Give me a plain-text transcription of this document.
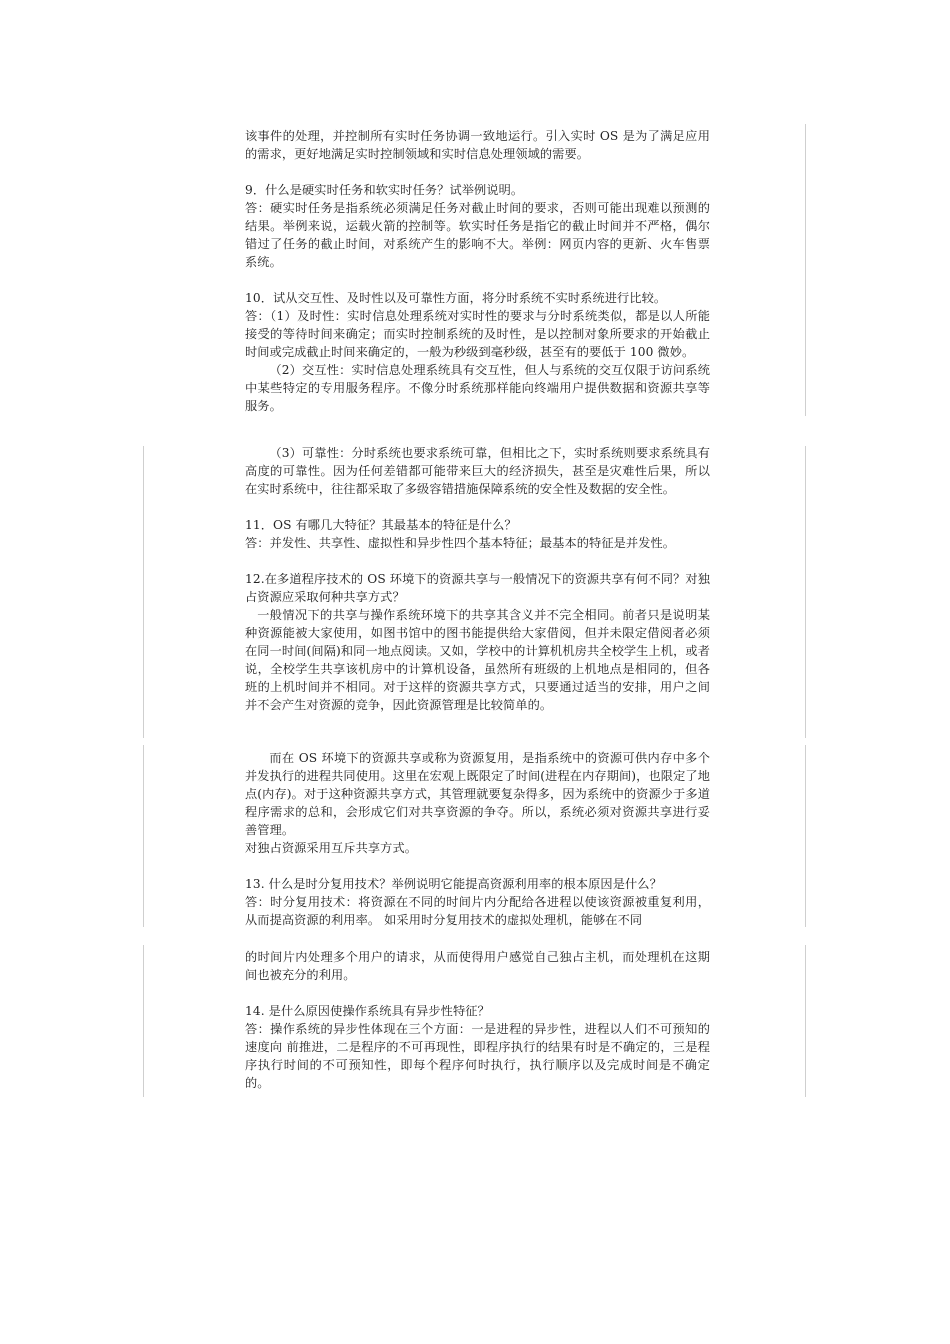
该事件的处理，并控制所有实时任务协调一致地运行。引入实时 OS 是为了满足应用的需求，更好地满足实时控制领域和实时信息处理领域的需要。

9．什么是硬实时任务和软实时任务？试举例说明。

答：硬实时任务是指系统必须满足任务对截止时间的要求，否则可能出现难以预测的结果。举例来说，运载火箭的控制等。软实时任务是指它的截止时间并不严格，偶尔错过了任务的截止时间，对系统产生的影响不大。举例：网页内容的更新、火车售票系统。

10．试从交互性、及时性以及可靠性方面，将分时系统不实时系统进行比较。

答：（1）及时性：实时信息处理系统对实时性的要求与分时系统类似，都是以人所能接受的等待时间来确定；而实时控制系统的及时性，是以控制对象所要求的开始截止时间或完成截止时间来确定的，一般为秒级到毫秒级，甚至有的要低于 100 微妙。

（2）交互性：实时信息处理系统具有交互性，但人与系统的交互仅限于访问系统中某些特定的专用服务程序。不像分时系统那样能向终端用户提供数据和资源共享等服务。

（3）可靠性：分时系统也要求系统可靠，但相比之下，实时系统则要求系统具有高度的可靠性。因为任何差错都可能带来巨大的经济损失，甚至是灾难性后果，所以在实时系统中，往往都采取了多级容错措施保障系统的安全性及数据的安全性。

11．OS 有哪几大特征？其最基本的特征是什么？

答：并发性、共享性、虚拟性和异步性四个基本特征；最基本的特征是并发性。

12.在多道程序技术的 OS 环境下的资源共享与一般情况下的资源共享有何不同？对独占资源应采取何种共享方式？

一般情况下的共享与操作系统环境下的共享其含义并不完全相同。前者只是说明某种资源能被大家使用，如图书馆中的图书能提供给大家借阅，但并未限定借阅者必须在同一时间(间隔)和同一地点阅读。又如，学校中的计算机机房共全校学生上机，或者说，全校学生共享该机房中的计算机设备，虽然所有班级的上机地点是相同的，但各班的上机时间并不相同。对于这样的资源共享方式，只要通过适当的安排，用户之间并不会产生对资源的竞争，因此资源管理是比较简单的。

而在 OS 环境下的资源共享或称为资源复用，是指系统中的资源可供内存中多个并发执行的进程共同使用。这里在宏观上既限定了时间(进程在内存期间)，也限定了地点(内存)。对于这种资源共享方式，其管理就要复杂得多，因为系统中的资源少于多道程序需求的总和，会形成它们对共享资源的争夺。所以，系统必须对资源共享进行妥善管理。

对独占资源采用互斥共享方式。

13. 什么是时分复用技术？举例说明它能提高资源利用率的根本原因是什么？

答：时分复用技术：将资源在不同的时间片内分配给各进程以使该资源被重复利用，从而提高资源的利用率。 如采用时分复用技术的虚拟处理机，能够在不同

的时间片内处理多个用户的请求，从而使得用户感觉自己独占主机，而处理机在这期间也被充分的利用。

14. 是什么原因使操作系统具有异步性特征？

答：操作系统的异步性体现在三个方面：一是进程的异步性，进程以人们不可预知的速度向 前推进，二是程序的不可再现性，即程序执行的结果有时是不确定的，三是程序执行时间的不可预知性，即每个程序何时执行，执行顺序以及完成时间是不确定的。
